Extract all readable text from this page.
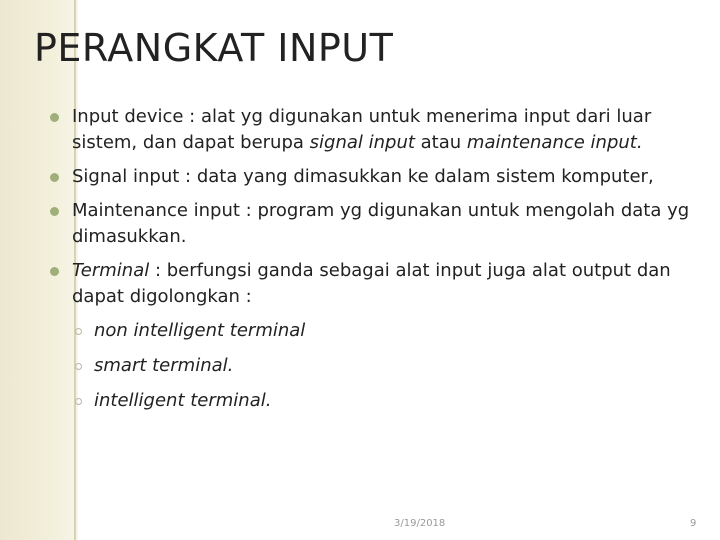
PERANGKAT INPUT
Input device : alat yg digunakan untuk menerima input dari luar sistem, dan dapat berupa signal input atau maintenance input.
Signal input : data yang dimasukkan ke dalam sistem komputer,
Maintenance input : program yg digunakan untuk mengolah data yg dimasukkan.
Terminal : berfungsi ganda sebagai alat input juga alat output dan dapat digolongkan :
non intelligent terminal
smart terminal.
intelligent terminal.
3/19/2018	9
